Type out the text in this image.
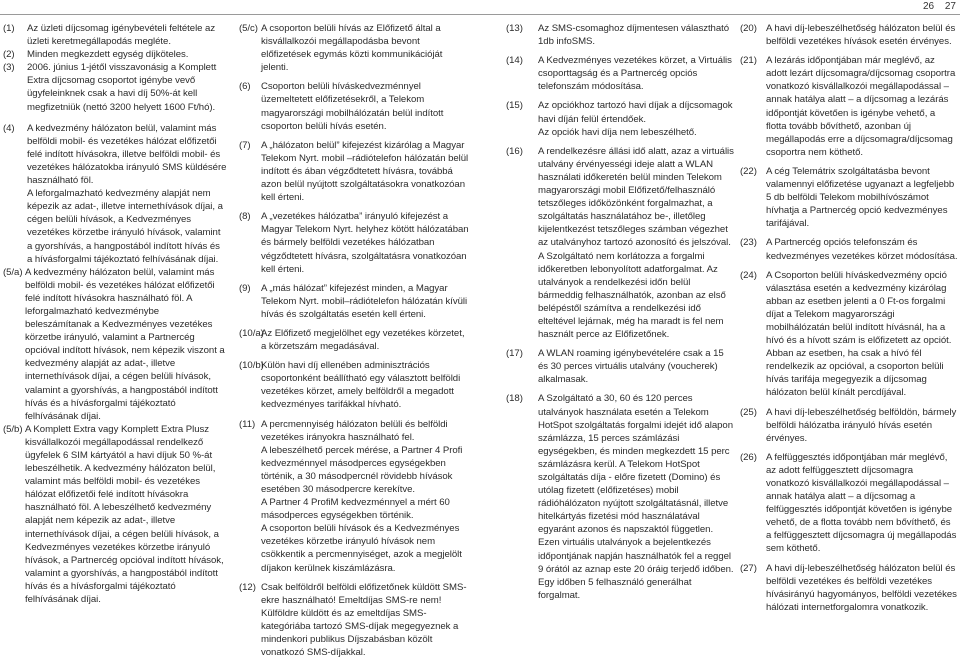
26 27
(1)	Az üzleti díjcsomag igénybevételi feltétele az üzleti keretmegállapodás megléte.

(2)	Minden megkezdett egység díjköteles.

(3)	2006. június 1-jétől visszavonásig a Komplett Extra díjcsomag csoportot igénybe vevő ügyfeleinknek csak a havi díj 50%-át kell megfizetniük (nettó 3200 helyett 1600 Ft/hó).

(4)	A kedvezmény hálózaton belül, valamint más belföldi mobil- és vezetékes hálózat előfizetői felé indított hívásokra, illetve belföldi mobil- és vezetékes hálózatokba irányuló SMS küldésére használható föl.

A leforgalmazható kedvezmény alapját nem képezik az adat-, illetve internethívások díjai, a cégen belüli hívások, a Kedvezményes vezetékes körzetbe irányuló hívások, valamint a gyorshívás, a hangpostából indított hívás és a hívásforgalmi tájékoztató felhívásának díjai.

(5/a) A kedvezmény hálózaton belül, valamint más belföldi mobil- és vezetékes hálózat előfizetői felé indított hívásokra használható föl. A leforgalmazható kedvezménybe beleszámítanak a Kedvezményes vezetékes körzetbe irányuló, valamint a Partnercég opcióval indított hívások, nem képezik viszont a kedvezmény alapját az adat-, illetve internethívások díjai, a cégen belüli hívások, valamint a gyorshívás, a hangpostából indított hívás és a hívásforgalmi tájékoztató felhívásának díjai.

(5/b) A Komplett Extra vagy Komplett Extra Plusz kisvállalkozói megállapodással rendelkező ügyfelek 6 SIM kártyától a havi díjuk 50 %-át lebeszélhetik. A kedvezmény hálózaton belül, valamint más belföldi mobil- és vezetékes hálózat előfizetői felé indított hívásokra használható föl. A lebeszélhető kedvezmény alapját nem képezik az adat-, illetve internethívások díjai, a cégen belüli hívások, a Kedvezményes vezetékes körzetbe irányuló hívások, a Partnercég opcióval indított hívások, valamint a gyorshívás, a hangpostából indított hívás és a hívásforgalmi tájékoztató felhívásának díjai.

(5/c) A csoporton belüli hívás az Előfizető által a kisvállalkozói megállapodásba bevont előfizetések egymás közti kommunikációját jelenti.

(6)	Csoporton belüli híváskedvezménnyel üzemeltetett előfizetésekről, a Telekom magyarországi mobilhálózatán belül indított csoporton belüli hívás esetén.

(7)	A „hálózaton belül” kifejezést kizárólag a Magyar Telekom Nyrt. mobil –rádiótelefon hálózatán belül indított és ában végződtetett hívásra, továbbá azon belül nyújtott szolgáltatásokra vonatkozóan kell érteni.

(8)	A „vezetékes hálózatba” irányuló kifejezést a Magyar Telekom Nyrt. helyhez kötött hálózatában és bármely belföldi vezetékes hálózatban végződtetett hívásra, szolgáltatásra vonatkozóan kell érteni.

(9)	A „más hálózat” kifejezést minden, a Magyar Telekom Nyrt. mobil–rádiótelefon hálózatán kívüli hívás és szolgáltatás esetén kell érteni.

(10/a)

Az Előfizető megjelölhet egy vezetékes körzetet, a körzetszám megadásával.

(10/b)

Külön havi díj ellenében adminisztrációs csoportonként beállítható egy választott belföldi vezetékes körzet, amely belföldről a megadott kedvezményes tarifákkal hívható.

(11) A percmennyiség hálózaton belüli és belföldi vezetékes irányokra használható fel.

A lebeszélhető percek mérése, a Partner 4 Profi kedvezménnyel másodperces egységekben történik, a 30 másodpercnél rövidebb hívások esetében 30 másodpercre kerekítve.

A Partner 4 ProfiM kedvezménnyel a mért 60 másodperces egységekben történik.

A csoporton belüli hívások és a Kedvezményes vezetékes körzetbe irányuló hívások nem csökkentik a percmennyiséget, azok a megjelölt díjakon kerülnek kiszámlázásra.

(12) Csak belföldről belföldi előfizetőnek küldött SMS-ekre használható! Emeltdíjas SMS-re nem! Külföldre küldött és az emeltdíjas SMS-kategóriába tartozó SMS-díjak megegyeznek a mindenkori publikus Díjszabásban közölt vonatkozó SMS-díjakkal.

(13)	Az SMS-csomaghoz díjmentesen választható 1db infoSMS.

(14)	A Kedvezményes vezetékes körzet, a Virtuális csoporttagság és a Partnercég opciós telefonszám módosítása.

(15)	Az opciókhoz tartozó havi díjak a díjcsomagok havi díján felül értendőek.

Az opciók havi díja nem lebeszélhető.

(16)	A rendelkezésre állási idő alatt, azaz a virtuális utalvány érvényességi ideje alatt a WLAN használati időkeretén belül minden Telekom magyarországi mobil Előfizető/felhasználó tetszőleges időközönként forgalmazhat, a szolgáltatás használatához be-, illetőleg kijelentkezést tetszőleges számban végezhet az utalványhoz tartozó azonosító és jelszóval. A Szolgáltató nem korlátozza a forgalmi időkeretben lebonyolított adatforgalmat. Az utalványok a rendelkezési időn belül bármeddig felhasználhatók, azonban az első belépéstől számítva a rendelkezési idő elteltével lejárnak, még ha maradt is fel nem használt perce az Előfizetőnek.

(17)	A WLAN roaming igénybevételére csak a 15 és 30 perces virtuális utalvány (voucherek) alkalmasak.

(18)	A Szolgáltató a 30, 60 és 120 perces utalványok használata esetén a Telekom HotSpot szolgáltatás forgalmi idejét idő alapon számlázza, 15 perces számlázási egységekben, és minden megkezdett 15 perc számlázásra kerül. A Telekom HotSpot szolgáltatás díja - előre fizetett (Domino) és utólag fizetett (előfizetéses) mobil rádióhálózaton nyújtott szolgáltatásnál, illetve hitelkártyás fizetési mód használatával egyaránt azonos és napszaktól független.

Ezen virtuális utalványok a bejelentkezés időpontjának napján használhatók fel a reggel 9 órától az aznap este 20 óráig terjedő időben. Egy időben 5 felhasználó generálhat forgalmat.

(20) A havi díj-lebeszélhetőség hálózaton belül és belföldi vezetékes hívások esetén érvényes.

(21) A lezárás időpontjában már meglévő, az adott lezárt díjcsomagra/díjcsomag csoportra vonatkozó kisvállalkozói megállapodással – annak hatálya alatt – a díjcsomag a lezárás időpontját követően is igénybe vehető, a flotta tovább bővíthető, azonban új megállapodás erre a díjcsomagra/díjcsomag csoportra nem köthető.

(22) A cég Telemátrix szolgáltatásba bevont valamennyi előfizetése ugyanazt a legfeljebb 5 db belföldi Telekom mobilhívószámot hívhatja a Partnercég opció kedvezményes tarifájával.

(23) A Partnercég opciós telefonszám és kedvezményes vezetékes körzet módosítása.

(24) A Csoporton belüli híváskedvezmény opció választása esetén a kedvezmény kizárólag abban az esetben jelenti a 0 Ft-os forgalmi díjat a Telekom magyarországi mobilhálózatán belül indított hívásnál, ha a hívó és a hívott szám is előfizetett az opciót. Abban az esetben, ha csak a hívó fél rendelkezik az opcióval, a csoporton belüli hívás tarifája megegyezik a díjcsomag hálózaton belül kínált percdíjával.

(25) A havi díj-lebeszélhetőség belföldön, bármely belföldi hálózatba irányuló hívás esetén érvényes.

(26) A felfüggesztés időpontjában már meglévő, az adott felfüggesztett díjcsomagra vonatkozó kisvállalkozói megállapodással – annak hatálya alatt – a díjcsomag a felfüggesztés időpontját követően is igénybe vehető, de a flotta tovább nem bővíthető, és a felfüggesztett díjcsomagra új megállapodás sem köthető.

(27) A havi díj-lebeszélhetőség hálózaton belül és belföldi vezetékes és belföldi vezetékes hívásirányú hagyományos, belföldi vezetékes hálózati internetforgalomra vonatkozik.
